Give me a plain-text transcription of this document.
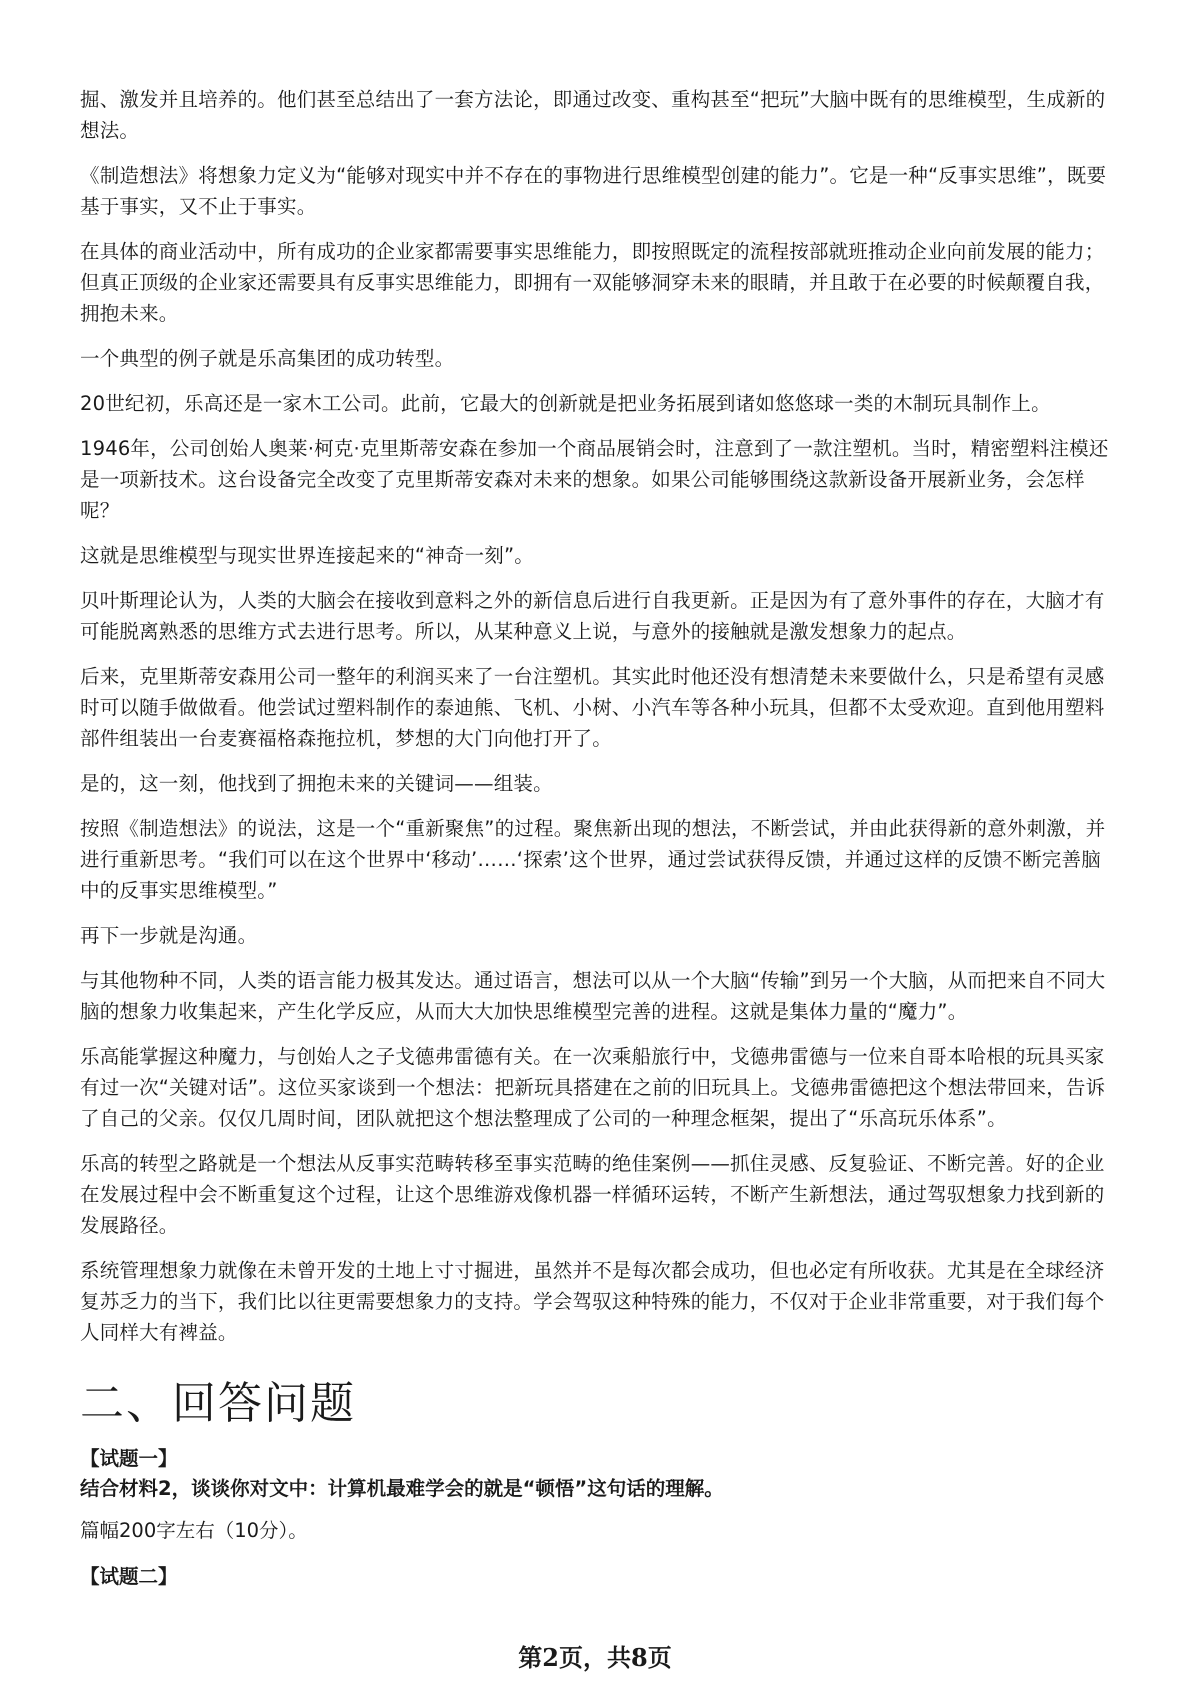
掘、激发并且培养的。他们甚至总结出了一套方法论，即通过改变、重构甚至“把玩”大脑中既有的思维模型，生成新的想法。

《制造想法》将想象力定义为“能够对现实中并不存在的事物进行思维模型创建的能力”。它是一种“反事实思维”，既要基于事实，又不止于事实。

在具体的商业活动中，所有成功的企业家都需要事实思维能力，即按照既定的流程按部就班推动企业向前发展的能力；但真正顶级的企业家还需要具有反事实思维能力，即拥有一双能够洞穿未来的眼睛，并且敢于在必要的时候颠覆自我，拥抱未来。

一个典型的例子就是乐高集团的成功转型。

20世纪初，乐高还是一家木工公司。此前，它最大的创新就是把业务拓展到诸如悠悠球一类的木制玩具制作上。

1946年，公司创始人奥莱·柯克·克里斯蒂安森在参加一个商品展销会时，注意到了一款注塑机。当时，精密塑料注模还是一项新技术。这台设备完全改变了克里斯蒂安森对未来的想象。如果公司能够围绕这款新设备开展新业务，会怎样呢？

这就是思维模型与现实世界连接起来的“神奇一刻”。

贝叶斯理论认为，人类的大脑会在接收到意料之外的新信息后进行自我更新。正是因为有了意外事件的存在，大脑才有可能脱离熟悉的思维方式去进行思考。所以，从某种意义上说，与意外的接触就是激发想象力的起点。

后来，克里斯蒂安森用公司一整年的利润买来了一台注塑机。其实此时他还没有想清楚未来要做什么，只是希望有灵感时可以随手做做看。他尝试过塑料制作的泰迪熊、飞机、小树、小汽车等各种小玩具，但都不太受欢迎。直到他用塑料部件组装出一台麦赛福格森拖拉机，梦想的大门向他打开了。

是的，这一刻，他找到了拥抱未来的关键词——组装。

按照《制造想法》的说法，这是一个“重新聚焦”的过程。聚焦新出现的想法，不断尝试，并由此获得新的意外刺激，并进行重新思考。“我们可以在这个世界中‘移动’……‘探索’这个世界，通过尝试获得反馈，并通过这样的反馈不断完善脑中的反事实思维模型。”

再下一步就是沟通。

与其他物种不同，人类的语言能力极其发达。通过语言，想法可以从一个大脑“传输”到另一个大脑，从而把来自不同大脑的想象力收集起来，产生化学反应，从而大大加快思维模型完善的进程。这就是集体力量的“魔力”。

乐高能掌握这种魔力，与创始人之子戈德弗雷德有关。在一次乘船旅行中，戈德弗雷德与一位来自哥本哈根的玩具买家有过一次“关键对话”。这位买家谈到一个想法：把新玩具搭建在之前的旧玩具上。戈德弗雷德把这个想法带回来，告诉了自己的父亲。仅仅几周时间，团队就把这个想法整理成了公司的一种理念框架，提出了“乐高玩乐体系”。

乐高的转型之路就是一个想法从反事实范畴转移至事实范畴的绝佳案例——抓住灵感、反复验证、不断完善。好的企业在发展过程中会不断重复这个过程，让这个思维游戏像机器一样循环运转，不断产生新想法，通过驾驭想象力找到新的发展路径。

系统管理想象力就像在未曾开发的土地上寸寸掘进，虽然并不是每次都会成功，但也必定有所收获。尤其是在全球经济复苏乏力的当下，我们比以往更需要想象力的支持。学会驾驭这种特殊的能力，不仅对于企业非常重要，对于我们每个人同样大有裨益。

二、回答问题

【试题一】

结合材料2，谈谈你对文中：计算机最难学会的就是“顿悟”这句话的理解。

篇幅200字左右（10分）。

【试题二】

第2页，共8页
